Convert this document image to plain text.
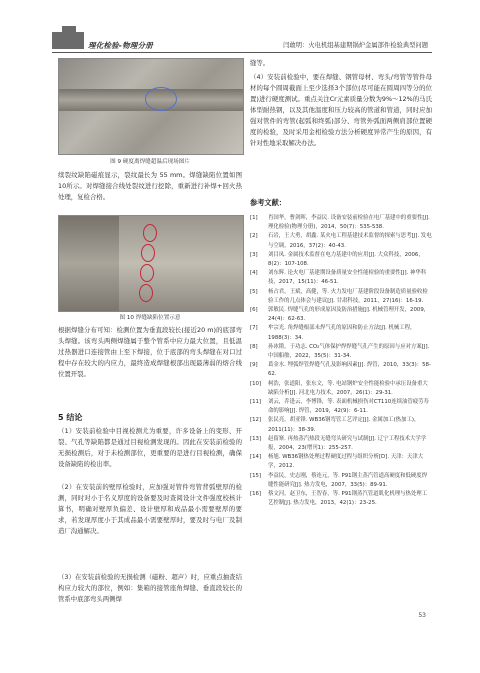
理化检验-物理分册	闫敢明：火电机组基建期锅炉金属部件检验典型问题
图 9 硬度离焊缝超温后现场图片
续裂纹缺陷磁痕显示，裂纹最长为 55 mm。焊缝缺陷位置如图10所示。对焊缝接合线处裂纹进行挖除，重新进行补焊+回火热处理，复检合格。
图 10 焊缝缺陷位置示意
根据焊缝分布可知：检测位置为垂直段较长(接近20 m)的底部弯头焊缝。该弯头两侧焊缝属于整个管系中应力最大位置，且低温过热器进口连接管由上至下焊接，位于底部的弯头焊缝在对口过程中存在较大的内应力，最终造成焊缝根部出现最薄弱的熔合线位置开裂。
5 结论
（1）安装前检验中目视检测尤为重要，许多设备上的变形、开裂、气孔等缺陷都是通过目视检测发现的。因此在安装前检验的无损检测后，对于未检测部位，更重要的是进行目视检测，确保设备缺陷的检出率。
（2）在安装前的壁厚检验时，应加强对管件弯管背弧壁厚的检测，同时对小于名义厚度的设备要及时查阅设计文件强度校核计算书，明确对壁厚负偏差、设计壁厚和成品最小需要壁厚的要求，若发现厚度小于其成品最小需要壁厚时，要及时与电厂及制造厂沟通解决。
（3）在安装前检验的无损检测（磁粉、超声）时，应重点抽查结构应力较大的部位，例如：集箱的接管座角焊缝、垂直段较长的管系中底部弯头两侧焊
缝等。
（4）安装前检验中，要在焊缝、钢管母材、弯头/弯管等管件母材的每个圆周截面上至少选择3个部位(尽可能在圆周四等分的位置)进行硬度测试。重点关注Cr元素质量分数为9%～12%的马氏体型耐热钢，以及其他温度和压力较高的管道和管道，同时应加强对管件的弯管(起弧和终弧)部分、弯管外弧面两侧肩部位置硬度的检验，及时采用金相检验方法分析硬度异常产生的原因，有针对性地采取解决办法。
参考文献：
[1] 肖国华，曹剑晖，李益民. 设备安装前检验在电厂基建中的重要性[J]. 理化检验(物理分册)，2014，50(7)：535-538.
[2] 石岩，王大勇，胡鑫. 某火电工程基建技术监督的探索与思考[J]. 发电与空调，2016，37(2)：40-43.
[3] 刘目凤. 金属技术监督在电力基建中的应用[J]. 大众科技，2006，8(2)：107-108.
[4] 刘东辉. 论火电厂基建期设备质量安全性能检验的重要性[J]. 神华科技，2017，15(11)：46-51.
[5] 杨占君，王斌，高健，等. 火力发电厂基建阶段设备制造质量验收检验工作的几点体会与建议[J]. 甘肃科技，2011，27(16)：16-19.
[6] 郭敏民. 焊缝气孔的形成原因及防治措施[J]. 机械管理开发，2009，24(4)：62-63.
[7] 牟宗光. 角焊缝根部未焊气孔的原因和防止方法[J]. 机械工程，1988(3)：34.
[8] 孙冰锵，于功志. CO₂气体保护焊焊缝气孔产生的原因与应对方案[J]. 中国船舶，2022，35(5)：31-34.
[9] 葛金水. 埋弧焊管焊缝气孔及影响因素[J]. 焊管，2010，33(3)：58-62.
[10] 柯浩，张道阳，张东文，等. 电站钢炉安全性能检验中承压设备重大缺陷分析[J]. 河北电力技术，2007，26(1)：29-31.
[11] 刘云，乔逢云，李博锋，等. 表面机械损伤对CT110连续油管疲劳寿命的影响[J]. 焊管，2019，42(9)：6-11.
[12] 张民亮，胡亚锋. WB36钢弯管工艺评定[J]. 金属加工(热加工)，2011(11)：38-39.
[13] 赵留寨. 再热蒸汽热段无缝弯头研究与试制[J]. 辽宁工程技术大学学报，2004，23(增刊1)：255-257.
[14] 杨旭. WB36钢热处理过程硬度过程与组织分析[D]. 天津：天津大学，2012.
[15] 李益民，史志刚，蔡连元，等. P91钢主蒸汽管道高硬度和低硬度焊缝性能研究[J]. 热力发电，2007，33(5)：89-91.
[16] 蔡文河，赵卫东，王智春，等. P91钢蒸汽管道肌化机理与热处理工艺控制[J]. 热力发电，2013，42(1)：23-25.
53
